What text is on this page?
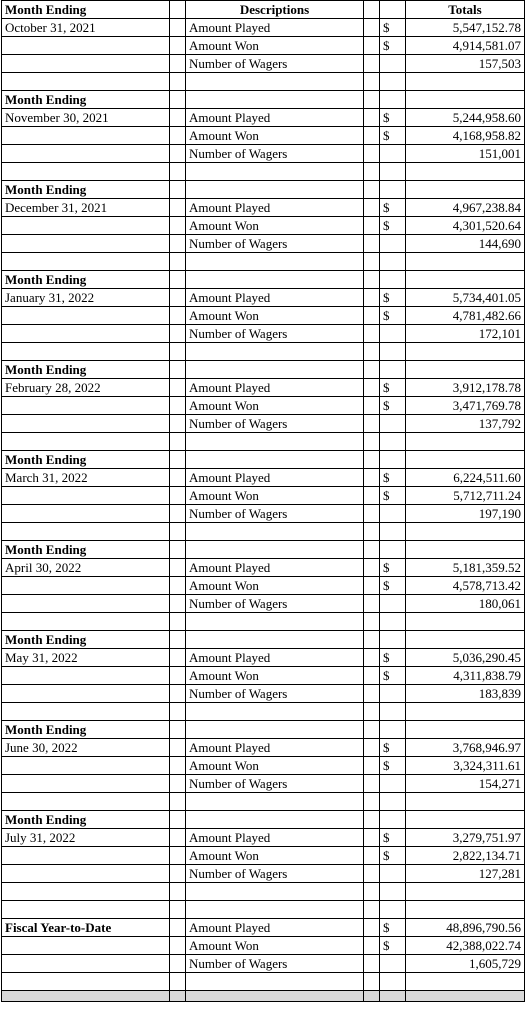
Month Ending		Descriptions			Totals
October 31, 2021		Amount Played		$	5,547,152.78
		Amount Won		$	4,914,581.07
		Number of Wagers			157,503

Month Ending					
November 30, 2021		Amount Played		$	5,244,958.60
		Amount Won		$	4,168,958.82
		Number of Wagers			151,001

Month Ending					
December 31, 2021		Amount Played		$	4,967,238.84
		Amount Won		$	4,301,520.64
		Number of Wagers			144,690

Month Ending					
January 31, 2022		Amount Played		$	5,734,401.05
		Amount Won		$	4,781,482.66
		Number of Wagers			172,101

Month Ending					
February 28, 2022		Amount Played		$	3,912,178.78
		Amount Won		$	3,471,769.78
		Number of Wagers			137,792

Month Ending					
March 31, 2022		Amount Played		$	6,224,511.60
		Amount Won		$	5,712,711.24
		Number of Wagers			197,190

Month Ending					
April 30, 2022		Amount Played		$	5,181,359.52
		Amount Won		$	4,578,713.42
		Number of Wagers			180,061

Month Ending					
May 31, 2022		Amount Played		$	5,036,290.45
		Amount Won		$	4,311,838.79
		Number of Wagers			183,839

Month Ending					
June 30, 2022		Amount Played		$	3,768,946.97
		Amount Won		$	3,324,311.61
		Number of Wagers			154,271

Month Ending					
July 31, 2022		Amount Played		$	3,279,751.97
		Amount Won		$	2,822,134.71
		Number of Wagers			127,281

Fiscal Year-to-Date		Amount Played		$	48,896,790.56
		Amount Won		$	42,388,022.74
		Number of Wagers			1,605,729
